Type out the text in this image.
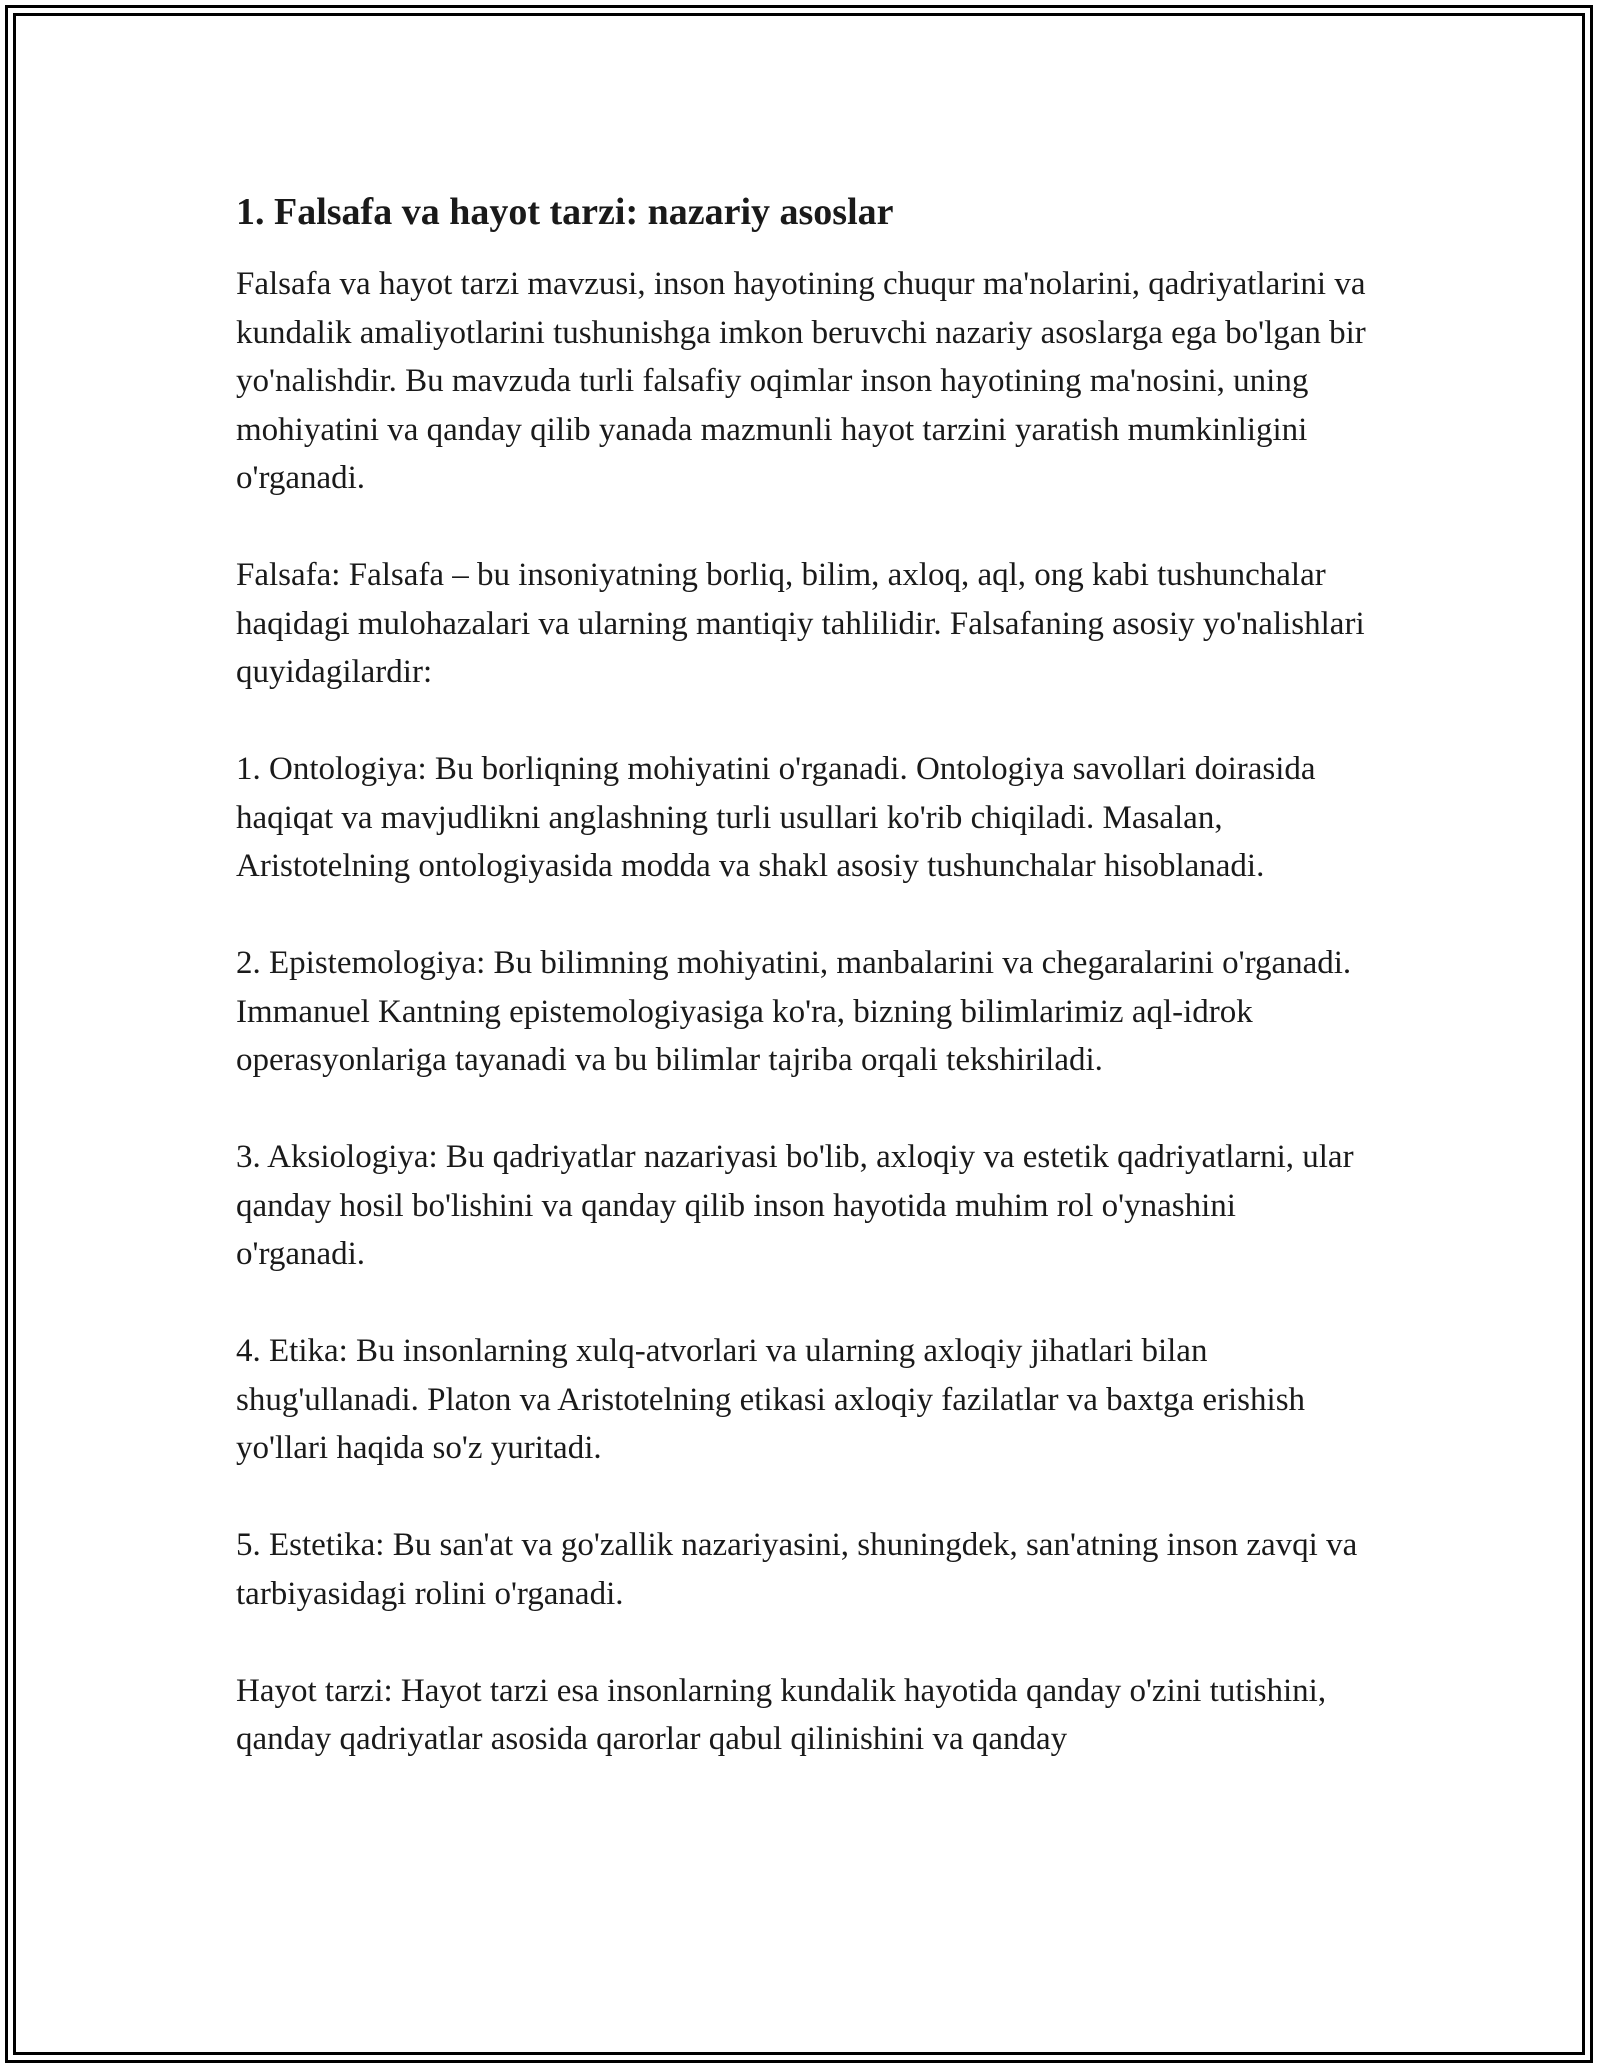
1. Falsafa va hayot tarzi: nazariy asoslar

Falsafa va hayot tarzi mavzusi, inson hayotining chuqur ma'nolarini, qadriyatlarini va kundalik amaliyotlarini tushunishga imkon beruvchi nazariy asoslarga ega bo'lgan bir yo'nalishdir. Bu mavzuda turli falsafiy oqimlar inson hayotining ma'nosini, uning mohiyatini va qanday qilib yanada mazmunli hayot tarzini yaratish mumkinligini o'rganadi.

Falsafa: Falsafa – bu insoniyatning borliq, bilim, axloq, aql, ong kabi tushunchalar haqidagi mulohazalari va ularning mantiqiy tahlilidir. Falsafaning asosiy yo'nalishlari quyidagilardir:

1. Ontologiya: Bu borliqning mohiyatini o'rganadi. Ontologiya savollari doirasida haqiqat va mavjudlikni anglashning turli usullari ko'rib chiqiladi. Masalan, Aristotelning ontologiyasida modda va shakl asosiy tushunchalar hisoblanadi.

2. Epistemologiya: Bu bilimning mohiyatini, manbalarini va chegaralarini o'rganadi. Immanuel Kantning epistemologiyasiga ko'ra, bizning bilimlarimiz aql-idrok operasyonlariga tayanadi va bu bilimlar tajriba orqali tekshiriladi.

3. Aksiologiya: Bu qadriyatlar nazariyasi bo'lib, axloqiy va estetik qadriyatlarni, ular qanday hosil bo'lishini va qanday qilib inson hayotida muhim rol o'ynashini o'rganadi.

4. Etika: Bu insonlarning xulq-atvorlari va ularning axloqiy jihatlari bilan shug'ullanadi. Platon va Aristotelning etikasi axloqiy fazilatlar va baxtga erishish yo'llari haqida so'z yuritadi.

5. Estetika: Bu san'at va go'zallik nazariyasini, shuningdek, san'atning inson zavqi va tarbiyasidagi rolini o'rganadi.

Hayot tarzi: Hayot tarzi esa insonlarning kundalik hayotida qanday o'zini tutishini, qanday qadriyatlar asosida qarorlar qabul qilinishini va qanday
